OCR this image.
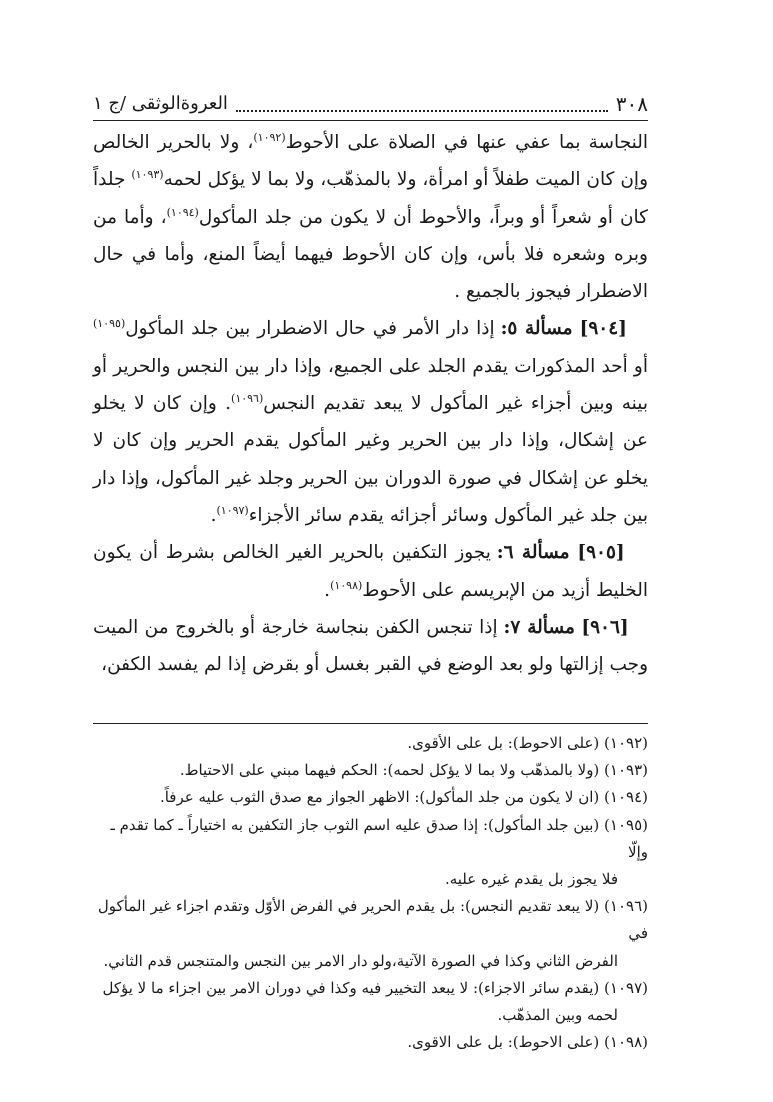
٣٠٨
العروةالوثقى /ج ١

النجاسة بما عفي عنها في الصلاة على الأحوط$^{(١٠٩٢)}$، ولا بالحرير الخالص وإن كان الميت طفلاً أو امرأة، ولا بالمذهّب، ولا بما لا يؤكل لحمه$^{(١٠٩٣)}$ جلداً كان أو شعراً أو وبراً، والأحوط أن لا يكون من جلد المأكول$^{(١٠٩٤)}$، وأما من وبره وشعره فلا بأس، وإن كان الأحوط فيهما أيضاً المنع، وأما في حال الاضطرار فيجوز بالجميع .

[٩٠٤] مسألة ٥: إذا دار الأمر في حال الاضطرار بين جلد المأكول$^{(١٠٩٥)}$ أو أحد المذكورات يقدم الجلد على الجميع، وإذا دار بين النجس والحرير أو بينه وبين أجزاء غير المأكول لا يبعد تقديم النجس$^{(١٠٩٦)}$. وإن كان لا يخلو عن إشكال، وإذا دار بين الحرير وغير المأكول يقدم الحرير وإن كان لا يخلو عن إشكال في صورة الدوران بين الحرير وجلد غير المأكول، وإذا دار بين جلد غير المأكول وسائر أجزائه يقدم سائر الأجزاء$^{(١٠٩٧)}$.

[٩٠٥] مسألة ٦: يجوز التكفين بالحرير الغير الخالص بشرط أن يكون الخليط أزيد من الإبريسم على الأحوط$^{(١٠٩٨)}$.

[٩٠٦] مسألة ٧: إذا تنجس الكفن بنجاسة خارجة أو بالخروج من الميت وجب إزالتها ولو بعد الوضع في القبر بغسل أو بقرض إذا لم يفسد الكفن،

(١٠٩٢) (على الاحوط): بل على الأقوى.

(١٠٩٣) (ولا بالمذهّب ولا بما لا يؤكل لحمه): الحكم فيهما مبني على الاحتياط.

(١٠٩٤) (ان لا يكون من جلد المأكول): الاظهر الجواز مع صدق الثوب عليه عرفاً.

(١٠٩٥) (بين جلد المأكول): إذا صدق عليه اسم الثوب جاز التكفين به اختياراً ـ كما تقدم ـ وإلّا
فلا يجوز بل يقدم غيره عليه.

(١٠٩٦) (لا يبعد تقديم النجس): بل يقدم الحرير في الفرض الأوّل وتقدم اجزاء غير المأكول في
الفرض الثاني وكذا في الصورة الآتية،ولو دار الامر بين النجس والمتنجس قدم الثاني.

(١٠٩٧) (يقدم سائر الاجزاء): لا يبعد التخيير فيه وكذا في دوران الامر بين اجزاء ما لا يؤكل
لحمه وبين المذهّب.

(١٠٩٨) (على الاحوط): بل على الاقوى.
